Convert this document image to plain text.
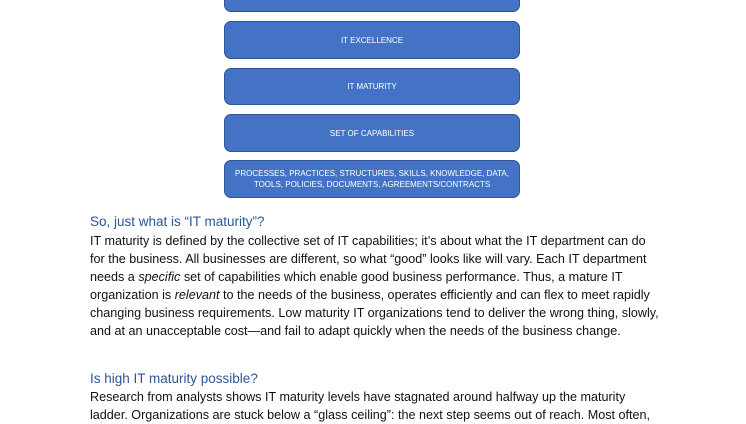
IT EXCELLENCE
IT MATURITY
SET OF CAPABILITIES
PROCESSES, PRACTICES, STRUCTURES, SKILLS, KNOWLEDGE, DATA, TOOLS, POLICIES, DOCUMENTS, AGREEMENTS/CONTRACTS
So, just what is “IT maturity”?

IT maturity is defined by the collective set of IT capabilities; it’s about what the IT department can do for the business. All businesses are different, so what “good” looks like will vary. Each IT department needs a specific set of capabilities which enable good business performance. Thus, a mature IT organization is relevant to the needs of the business, operates efficiently and can flex to meet rapidly changing business requirements. Low maturity IT organizations tend to deliver the wrong thing, slowly, and at an unacceptable cost—and fail to adapt quickly when the needs of the business change.

Is high IT maturity possible?

Research from analysts shows IT maturity levels have stagnated around halfway up the maturity ladder. Organizations are stuck below a “glass ceiling”: the next step seems out of reach. Most often,
